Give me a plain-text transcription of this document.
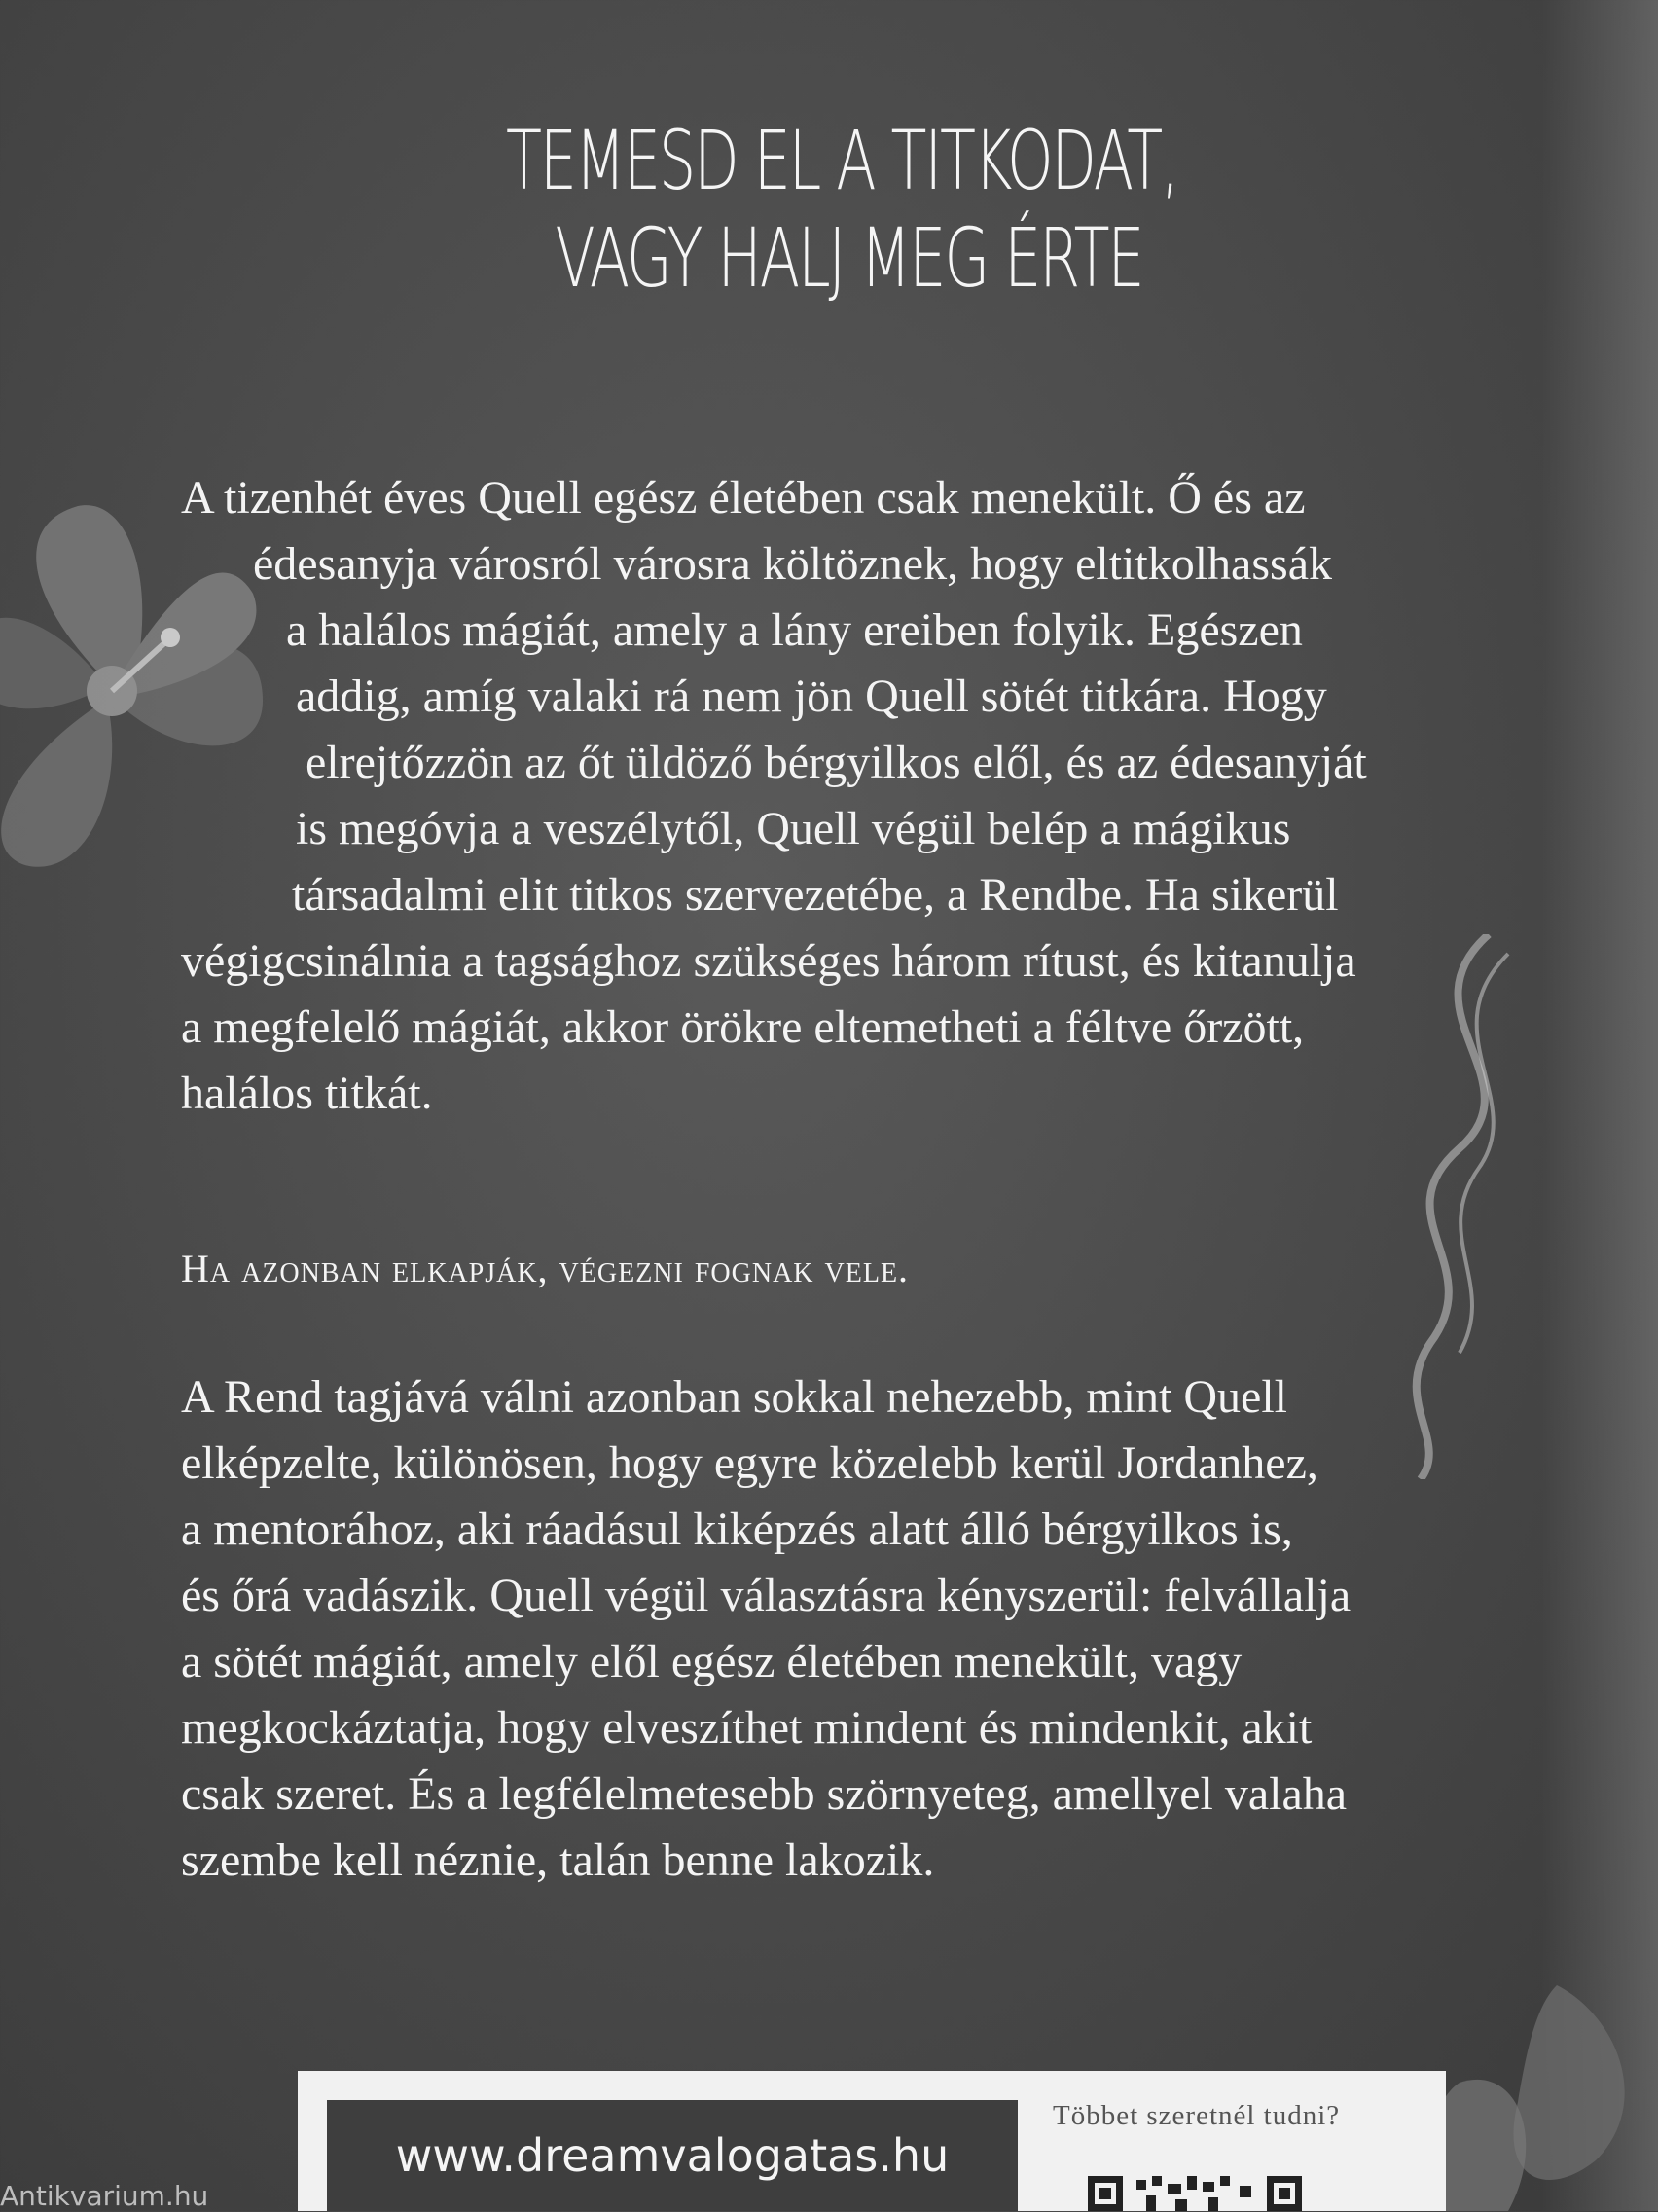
TEMESD EL A TITKODAT,
VAGY HALJ MEG ÉRTE
A tizenhét éves Quell egész életében csak menekült. Ő és az
édesanyja városról városra költöznek, hogy eltitkolhassák
a halálos mágiát, amely a lány ereiben folyik. Egészen
addig, amíg valaki rá nem jön Quell sötét titkára. Hogy
elrejtőzzön az őt üldöző bérgyilkos elől, és az édesanyját
is megóvja a veszélytől, Quell végül belép a mágikus
társadalmi elit titkos szervezetébe, a Rendbe. Ha sikerül
végigcsinálnia a tagsághoz szükséges három rítust, és kitanulja
a megfelelő mágiát, akkor örökre eltemetheti a féltve őrzött,
halálos titkát.
Ha azonban elkapják, végezni fognak vele.
A Rend tagjává válni azonban sokkal nehezebb, mint Quell
elképzelte, különösen, hogy egyre közelebb kerül Jordanhez,
a mentorához, aki ráadásul kiképzés alatt álló bérgyilkos is,
és őrá vadászik. Quell végül választásra kényszerül: felvállalja
a sötét mágiát, amely elől egész életében menekült, vagy
megkockáztatja, hogy elveszíthet mindent és mindenkit, akit
csak szeret. És a legfélelmetesebb szörnyeteg, amellyel valaha
szembe kell néznie, talán benne lakozik.
www.dreamvalogatas.hu
Többet szeretnél tudni?
Antikvarium.hu
